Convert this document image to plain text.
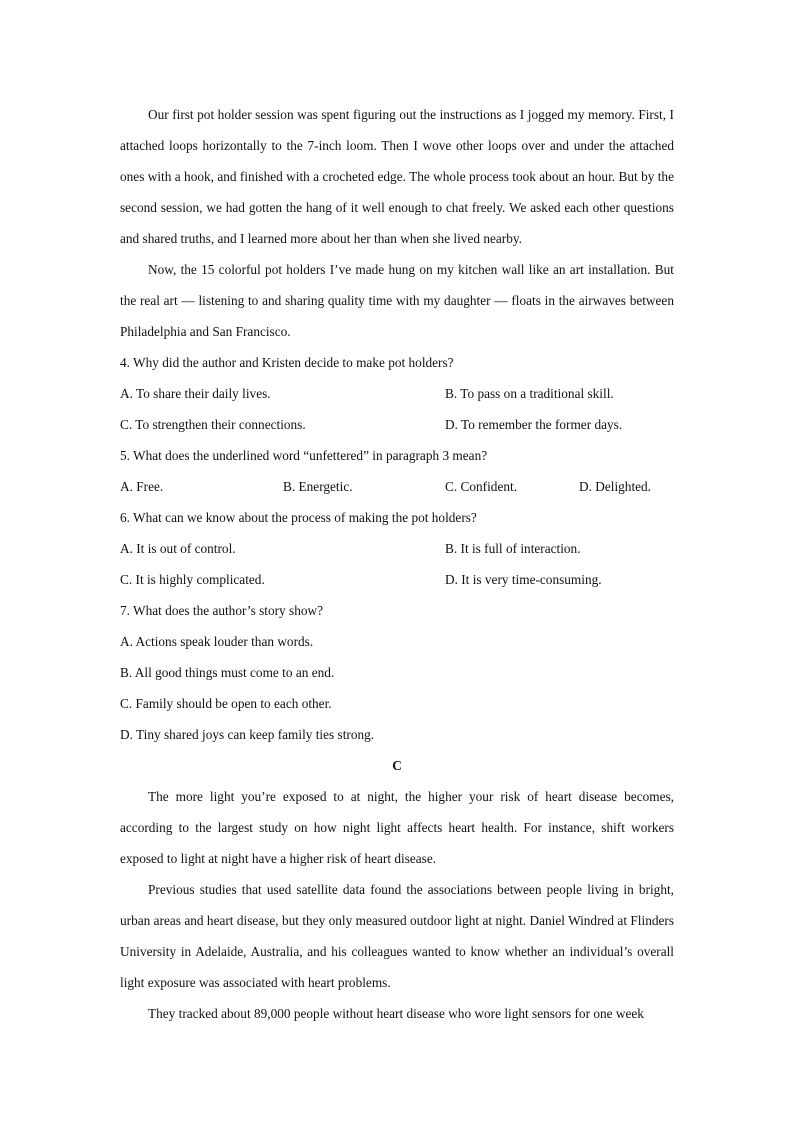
Our first pot holder session was spent figuring out the instructions as I jogged my memory. First, I attached loops horizontally to the 7-inch loom. Then I wove other loops over and under the attached ones with a hook, and finished with a crocheted edge. The whole process took about an hour. But by the second session, we had gotten the hang of it well enough to chat freely. We asked each other questions and shared truths, and I learned more about her than when she lived nearby.

Now, the 15 colorful pot holders I’ve made hung on my kitchen wall like an art installation. But the real art — listening to and sharing quality time with my daughter — floats in the airwaves between Philadelphia and San Francisco.

4. Why did the author and Kristen decide to make pot holders?

A. To share their daily lives.	B. To pass on a traditional skill.
C. To strengthen their connections.	D. To remember the former days.

5. What does the underlined word “unfettered” in paragraph 3 mean?

A. Free.	B. Energetic.	C. Confident.	D. Delighted.

6. What can we know about the process of making the pot holders?

A. It is out of control.	B. It is full of interaction.
C. It is highly complicated.	D. It is very time-consuming.

7. What does the author’s story show?

A. Actions speak louder than words.

B. All good things must come to an end.

C. Family should be open to each other.

D. Tiny shared joys can keep family ties strong.

C

The more light you’re exposed to at night, the higher your risk of heart disease becomes, according to the largest study on how night light affects heart health. For instance, shift workers exposed to light at night have a higher risk of heart disease.

Previous studies that used satellite data found the associations between people living in bright, urban areas and heart disease, but they only measured outdoor light at night. Daniel Windred at Flinders University in Adelaide, Australia, and his colleagues wanted to know whether an individual’s overall light exposure was associated with heart problems.

They tracked about 89,000 people without heart disease who wore light sensors for one week
